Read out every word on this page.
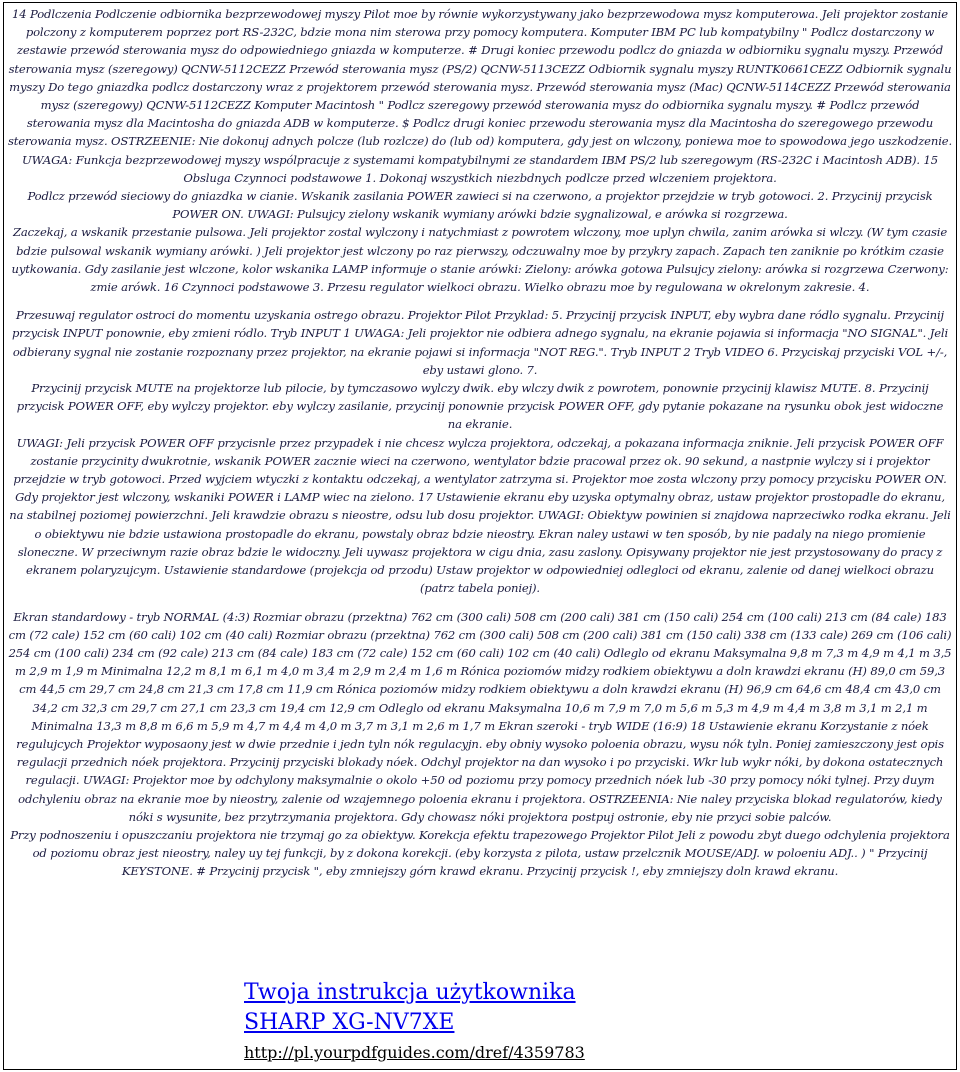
14 Podlczenia Podlczenie odbiornika bezprzewodowej myszy Pilot moe by równie wykorzystywany jako bezprzewodowa mysz komputerowa. Jeli projektor zostanie polczony z komputerem poprzez port RS-232C, bdzie mona nim sterowa przy pomocy komputera. Komputer IBM PC lub kompatybilny " Podlcz dostarczony w zestawie przewód sterowania mysz do odpowiedniego gniazda w komputerze. # Drugi koniec przewodu podlcz do gniazda w odbiorniku sygnalu myszy. Przewód sterowania mysz (szeregowy) QCNW-5112CEZZ Przewód sterowania mysz (PS/2) QCNW-5113CEZZ Odbiornik sygnalu myszy RUNTK0661CEZZ Odbiornik sygnalu myszy Do tego gniazdka podlcz dostarczony wraz z projektorem przewód sterowania mysz. Przewód sterowania mysz (Mac) QCNW-5114CEZZ Przewód sterowania mysz (szeregowy) QCNW-5112CEZZ Komputer Macintosh " Podlcz szeregowy przewód sterowania mysz do odbiornika sygnalu myszy. # Podlcz przewód sterowania mysz dla Macintosha do gniazda ADB w komputerze. $ Podlcz drugi koniec przewodu sterowania mysz dla Macintosha do szeregowego przewodu sterowania mysz. OSTRZEENIE: Nie dokonuj adnych polcze (lub rozlcze) do (lub od) komputera, gdy jest on wlczony, poniewa moe to spowodowa jego uszkodzenie. UWAGA: Funkcja bezprzewodowej myszy wspólpracuje z systemami kompatybilnymi ze standardem IBM PS/2 lub szeregowym (RS-232C i Macintosh ADB). 15 Obsluga Czynnoci podstawowe 1. Dokonaj wszystkich niezbdnych podlcze przed wlczeniem projektora.

Podlcz przewód sieciowy do gniazdka w cianie. Wskanik zasilania POWER zawieci si na czerwono, a projektor przejdzie w tryb gotowoci. 2. Przycinij przycisk POWER ON. UWAGI: Pulsujcy zielony wskanik wymiany arówki bdzie sygnalizowal, e arówka si rozgrzewa.

Zaczekaj, a wskanik przestanie pulsowa. Jeli projektor zostal wylczony i natychmiast z powrotem wlczony, moe uplyn chwila, zanim arówka si wlczy. (W tym czasie bdzie pulsowal wskanik wymiany arówki. ) Jeli projektor jest wlczony po raz pierwszy, odczuwalny moe by przykry zapach. Zapach ten zaniknie po krótkim czasie uytkowania. Gdy zasilanie jest wlczone, kolor wskanika LAMP informuje o stanie arówki: Zielony: arówka gotowa Pulsujcy zielony: arówka si rozgrzewa Czerwony: zmie arówk. 16 Czynnoci podstawowe 3. Przesu regulator wielkoci obrazu. Wielko obrazu moe by regulowana w okrelonym zakresie. 4.

Przesuwaj regulator ostroci do momentu uzyskania ostrego obrazu. Projektor Pilot Przyklad: 5. Przycinij przycisk INPUT, eby wybra dane ródlo sygnalu. Przycinij przycisk INPUT ponownie, eby zmieni ródlo. Tryb INPUT 1 UWAGA: Jeli projektor nie odbiera adnego sygnalu, na ekranie pojawia si informacja "NO SIGNAL". Jeli odbierany sygnal nie zostanie rozpoznany przez projektor, na ekranie pojawi si informacja "NOT REG.". Tryb INPUT 2 Tryb VIDEO 6. Przyciskaj przyciski VOL +/-, eby ustawi glono. 7.

Przycinij przycisk MUTE na projektorze lub pilocie, by tymczasowo wylczy dwik. eby wlczy dwik z powrotem, ponownie przycinij klawisz MUTE. 8. Przycinij przycisk POWER OFF, eby wylczy projektor. eby wylczy zasilanie, przycinij ponownie przycisk POWER OFF, gdy pytanie pokazane na rysunku obok jest widoczne na ekranie.

UWAGI: Jeli przycisk POWER OFF przycisnle przez przypadek i nie chcesz wylcza projektora, odczekaj, a pokazana informacja zniknie. Jeli przycisk POWER OFF zostanie przycinity dwukrotnie, wskanik POWER zacznie wieci na czerwono, wentylator bdzie pracowal przez ok. 90 sekund, a nastpnie wylczy si i projektor przejdzie w tryb gotowoci. Przed wyjciem wtyczki z kontaktu odczekaj, a wentylator zatrzyma si. Projektor moe zosta wlczony przy pomocy przycisku POWER ON.

Gdy projektor jest wlczony, wskaniki POWER i LAMP wiec na zielono. 17 Ustawienie ekranu eby uzyska optymalny obraz, ustaw projektor prostopadle do ekranu, na stabilnej poziomej powierzchni. Jeli krawdzie obrazu s nieostre, odsu lub dosu projektor. UWAGI: Obiektyw powinien si znajdowa naprzeciwko rodka ekranu. Jeli o obiektywu nie bdzie ustawiona prostopadle do ekranu, powstaly obraz bdzie nieostry. Ekran naley ustawi w ten sposób, by nie padaly na niego promienie sloneczne. W przeciwnym razie obraz bdzie le widoczny. Jeli uywasz projektora w cigu dnia, zasu zaslony. Opisywany projektor nie jest przystosowany do pracy z ekranem polaryzujcym. Ustawienie standardowe (projekcja od przodu) Ustaw projektor w odpowiedniej odlegloci od ekranu, zalenie od danej wielkoci obrazu (patrz tabela poniej).

Ekran standardowy - tryb NORMAL (4:3) Rozmiar obrazu (przektna) 762 cm (300 cali) 508 cm (200 cali) 381 cm (150 cali) 254 cm (100 cali) 213 cm (84 cale) 183 cm (72 cale) 152 cm (60 cali) 102 cm (40 cali) Rozmiar obrazu (przektna) 762 cm (300 cali) 508 cm (200 cali) 381 cm (150 cali) 338 cm (133 cale) 269 cm (106 cali) 254 cm (100 cali) 234 cm (92 cale) 213 cm (84 cale) 183 cm (72 cale) 152 cm (60 cali) 102 cm (40 cali) Odleglo od ekranu Maksymalna 9,8 m 7,3 m 4,9 m 4,1 m 3,5 m 2,9 m 1,9 m Minimalna 12,2 m 8,1 m 6,1 m 4,0 m 3,4 m 2,9 m 2,4 m 1,6 m Rónica poziomów midzy rodkiem obiektywu a doln krawdzi ekranu (H) 89,0 cm 59,3 cm 44,5 cm 29,7 cm 24,8 cm 21,3 cm 17,8 cm 11,9 cm Rónica poziomów midzy rodkiem obiektywu a doln krawdzi ekranu (H) 96,9 cm 64,6 cm 48,4 cm 43,0 cm 34,2 cm 32,3 cm 29,7 cm 27,1 cm 23,3 cm 19,4 cm 12,9 cm Odleglo od ekranu Maksymalna 10,6 m 7,9 m 7,0 m 5,6 m 5,3 m 4,9 m 4,4 m 3,8 m 3,1 m 2,1 m Minimalna 13,3 m 8,8 m 6,6 m 5,9 m 4,7 m 4,4 m 4,0 m 3,7 m 3,1 m 2,6 m 1,7 m Ekran szeroki - tryb WIDE (16:9) 18 Ustawienie ekranu Korzystanie z nóek regulujcych Projektor wyposaony jest w dwie przednie i jedn tyln nók regulacyjn. eby obniy wysoko poloenia obrazu, wysu nók tyln. Poniej zamieszczony jest opis regulacji przednich nóek projektora. Przycinij przyciski blokady nóek. Odchyl projektor na dan wysoko i po przyciski. Wkr lub wykr nóki, by dokona ostatecznych regulacji. UWAGI: Projektor moe by odchylony maksymalnie o okolo +50 od poziomu przy pomocy przednich nóek lub -30 przy pomocy nóki tylnej. Przy duym odchyleniu obraz na ekranie moe by nieostry, zalenie od wzajemnego poloenia ekranu i projektora. OSTRZEENIA: Nie naley przyciska blokad regulatorów, kiedy nóki s wysunite, bez przytrzymania projektora. Gdy chowasz nóki projektora postpuj ostronie, eby nie przyci sobie palców.

Przy podnoszeniu i opuszczaniu projektora nie trzymaj go za obiektyw. Korekcja efektu trapezowego Projektor Pilot Jeli z powodu zbyt duego odchylenia projektora od poziomu obraz jest nieostry, naley uy tej funkcji, by z dokona korekcji. (eby korzysta z pilota, ustaw przelcznik MOUSE/ADJ. w poloeniu ADJ.. ) " Przycinij KEYSTONE. # Przycinij przycisk ", eby zmniejszy górn krawd ekranu. Przycinij przycisk !, eby zmniejszy doln krawd ekranu.

Twoja instrukcja użytkownika
SHARP XG-NV7XE
http://pl.yourpdfguides.com/dref/4359783
